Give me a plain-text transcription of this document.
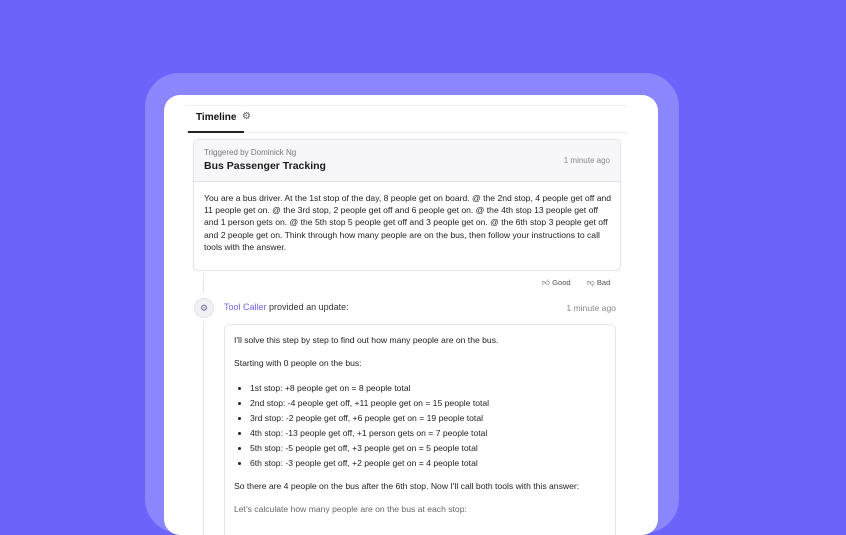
Timeline ⚙
Triggered by Dominick Ng
Bus Passenger Tracking	1 minute ago
You are a bus driver. At the 1st stop of the day, 8 people get on board. @ the 2nd stop, 4 people get off and 11 people get on. @ the 3rd stop, 2 people get off and 6 people get on. @ the 4th stop 13 people get off and 1 person gets on. @ the 5th stop 5 people get off and 3 people get on. @ the 6th stop 3 people get off and 2 people get on. Think through how many people are on the bus, then follow your instructions to call tools with the answer.
👍︎ Good 👎︎ Bad
⚙	Tool Caller provided an update:	1 minute ago

I'll solve this step by step to find out how many people are on the bus.

Starting with 0 people on the bus:

• 1st stop: +8 people get on = 8 people total
• 2nd stop: -4 people get off, +11 people get on = 15 people total
• 3rd stop: -2 people get off, +6 people get on = 19 people total
• 4th stop: -13 people get off, +1 person gets on = 7 people total
• 5th stop: -5 people get off, +3 people get on = 5 people total
• 6th stop: -3 people get off, +2 people get on = 4 people total

So there are 4 people on the bus after the 6th stop. Now I'll call both tools with this answer:

Let's calculate how many people are on the bus at each stop:
